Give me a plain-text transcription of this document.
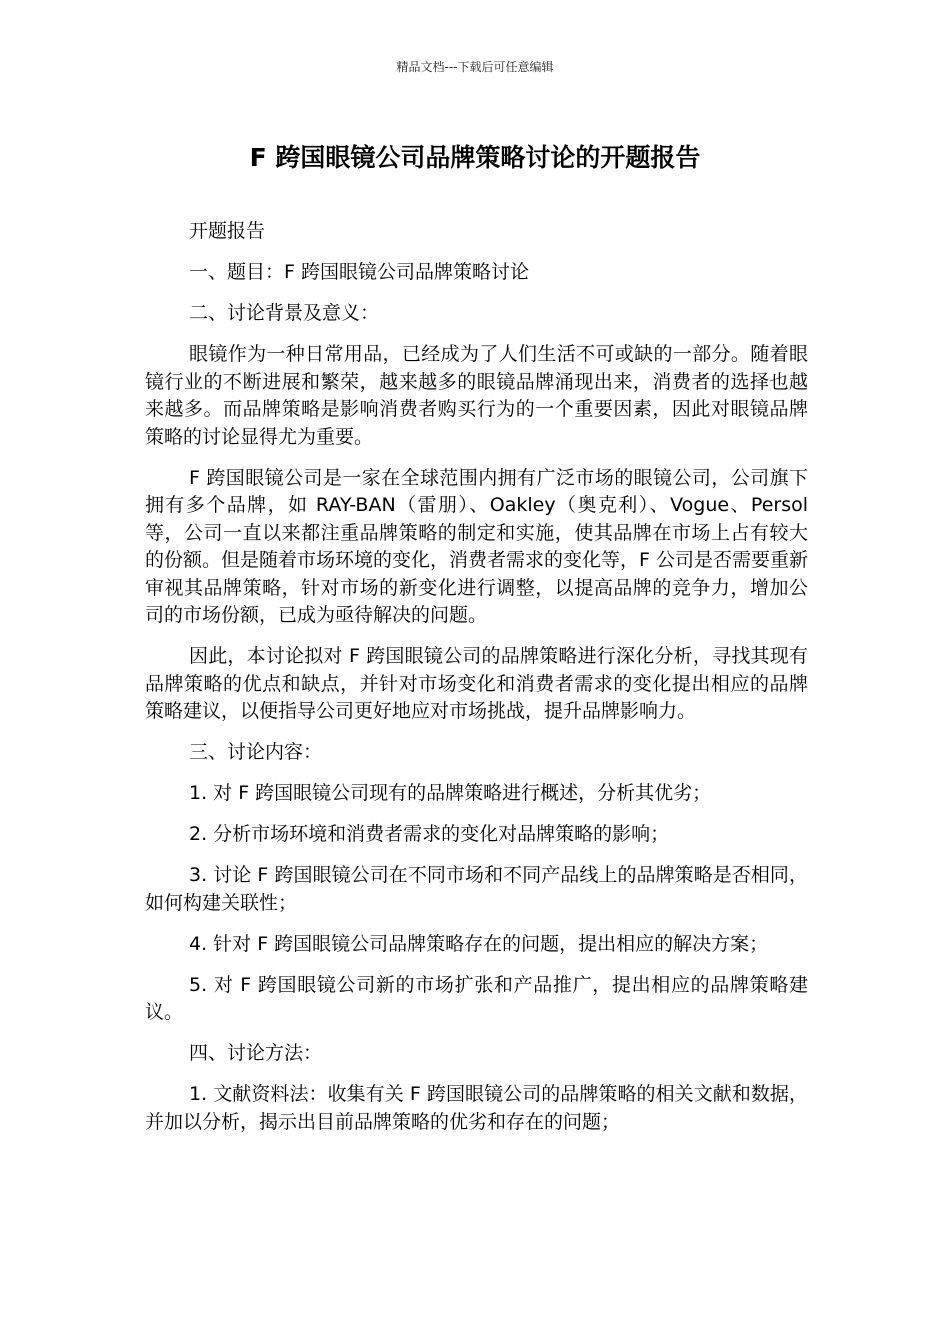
精品文档---下载后可任意编辑
F 跨国眼镜公司品牌策略讨论的开题报告

开题报告

一、题目：F 跨国眼镜公司品牌策略讨论

二、讨论背景及意义：

眼镜作为一种日常用品，已经成为了人们生活不可或缺的一部分。随着眼镜行业的不断进展和繁荣，越来越多的眼镜品牌涌现出来，消费者的选择也越来越多。而品牌策略是影响消费者购买行为的一个重要因素，因此对眼镜品牌策略的讨论显得尤为重要。

F 跨国眼镜公司是一家在全球范围内拥有广泛市场的眼镜公司，公司旗下拥有多个品牌，如 RAY-BAN（雷朋）、Oakley（奥克利）、Vogue、Persol 等，公司一直以来都注重品牌策略的制定和实施，使其品牌在市场上占有较大的份额。但是随着市场环境的变化，消费者需求的变化等，F 公司是否需要重新审视其品牌策略，针对市场的新变化进行调整，以提高品牌的竞争力，增加公司的市场份额，已成为亟待解决的问题。

因此，本讨论拟对 F 跨国眼镜公司的品牌策略进行深化分析，寻找其现有品牌策略的优点和缺点，并针对市场变化和消费者需求的变化提出相应的品牌策略建议，以便指导公司更好地应对市场挑战，提升品牌影响力。

三、讨论内容：

1. 对 F 跨国眼镜公司现有的品牌策略进行概述，分析其优劣；

2. 分析市场环境和消费者需求的变化对品牌策略的影响；

3. 讨论 F 跨国眼镜公司在不同市场和不同产品线上的品牌策略是否相同，如何构建关联性；

4. 针对 F 跨国眼镜公司品牌策略存在的问题，提出相应的解决方案；

5. 对 F 跨国眼镜公司新的市场扩张和产品推广，提出相应的品牌策略建议。

四、讨论方法：

1. 文献资料法：收集有关 F 跨国眼镜公司的品牌策略的相关文献和数据，并加以分析，揭示出目前品牌策略的优劣和存在的问题；
